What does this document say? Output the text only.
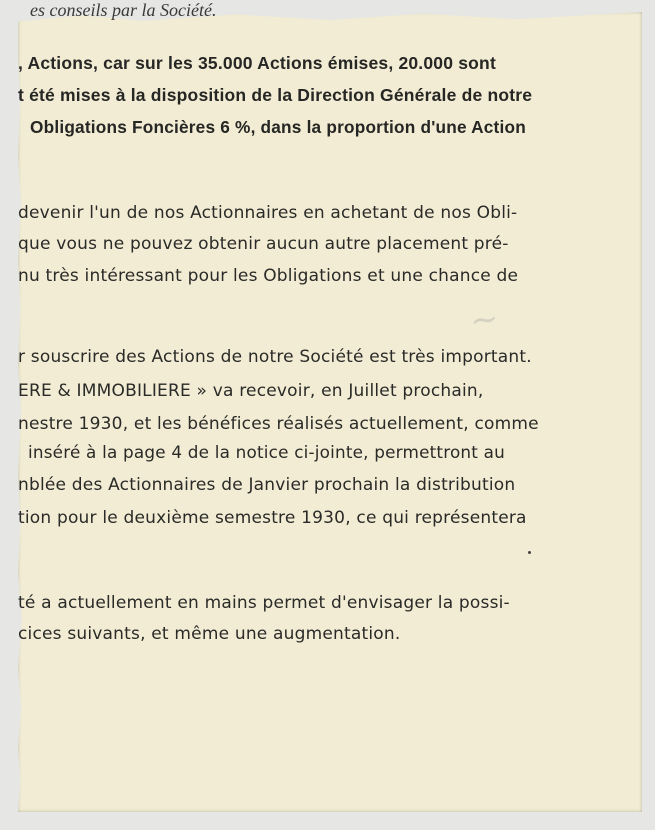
es conseils par la Société.
~
, Actions, car sur les 35.000 Actions émises, 20.000 sont
t été mises à la disposition de la Direction Générale de notre
Obligations Foncières 6 %, dans la proportion d'une Action
devenir l'un de nos Actionnaires en achetant de nos Obli-
que vous ne pouvez obtenir aucun autre placement pré-
nu très intéressant pour les Obligations et une chance de
r souscrire des Actions de notre Société est très important.
ERE & IMMOBILIERE » va recevoir, en Juillet prochain,
nestre 1930, et les bénéfices réalisés actuellement, comme
inséré à la page 4 de la notice ci-jointe, permettront au
nblée des Actionnaires de Janvier prochain la distribution
tion pour le deuxième semestre 1930, ce qui représentera
té a actuellement en mains permet d'envisager la possi-
cices suivants, et même une augmentation.
